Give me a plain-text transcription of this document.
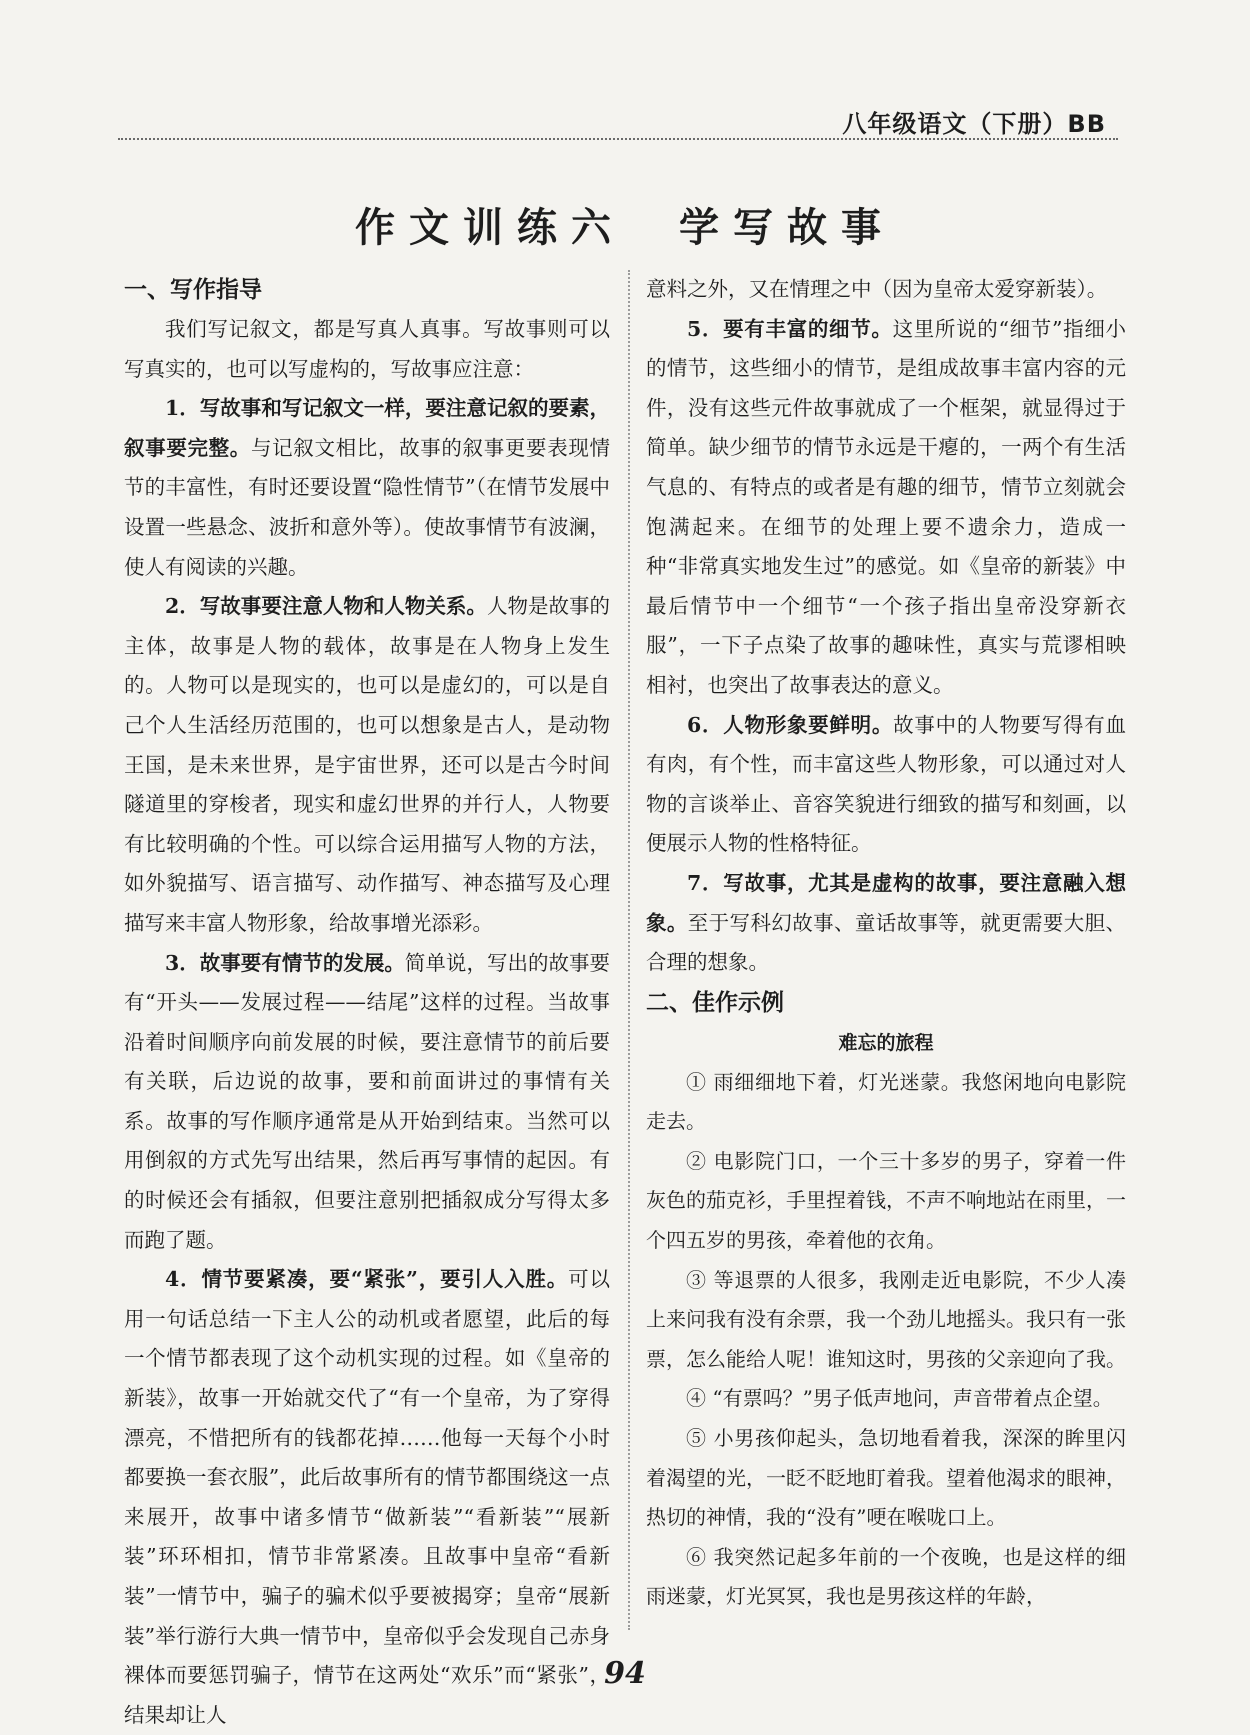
八年级语文（下册）BB
作文训练六　学写故事
一、写作指导

我们写记叙文，都是写真人真事。写故事则可以写真实的，也可以写虚构的，写故事应注意：

1．写故事和写记叙文一样，要注意记叙的要素，叙事要完整。与记叙文相比，故事的叙事更要表现情节的丰富性，有时还要设置“隐性情节”（在情节发展中设置一些悬念、波折和意外等）。使故事情节有波澜，使人有阅读的兴趣。

2．写故事要注意人物和人物关系。人物是故事的主体，故事是人物的载体，故事是在人物身上发生的。人物可以是现实的，也可以是虚幻的，可以是自己个人生活经历范围的，也可以想象是古人，是动物王国，是未来世界，是宇宙世界，还可以是古今时间隧道里的穿梭者，现实和虚幻世界的并行人，人物要有比较明确的个性。可以综合运用描写人物的方法，如外貌描写、语言描写、动作描写、神态描写及心理描写来丰富人物形象，给故事增光添彩。

3．故事要有情节的发展。简单说，写出的故事要有“开头——发展过程——结尾”这样的过程。当故事沿着时间顺序向前发展的时候，要注意情节的前后要有关联，后边说的故事，要和前面讲过的事情有关系。故事的写作顺序通常是从开始到结束。当然可以用倒叙的方式先写出结果，然后再写事情的起因。有的时候还会有插叙，但要注意别把插叙成分写得太多而跑了题。

4．情节要紧凑，要“紧张”，要引人入胜。可以用一句话总结一下主人公的动机或者愿望，此后的每一个情节都表现了这个动机实现的过程。如《皇帝的新装》，故事一开始就交代了“有一个皇帝，为了穿得漂亮，不惜把所有的钱都花掉……他每一天每个小时都要换一套衣服”，此后故事所有的情节都围绕这一点来展开，故事中诸多情节“做新装”“看新装”“展新装”环环相扣，情节非常紧凑。且故事中皇帝“看新装”一情节中，骗子的骗术似乎要被揭穿；皇帝“展新装”举行游行大典一情节中，皇帝似乎会发现自己赤身裸体而要惩罚骗子，情节在这两处“欢乐”而“紧张”，结果却让人

意料之外，又在情理之中（因为皇帝太爱穿新装）。

5．要有丰富的细节。这里所说的“细节”指细小的情节，这些细小的情节，是组成故事丰富内容的元件，没有这些元件故事就成了一个框架，就显得过于简单。缺少细节的情节永远是干瘪的，一两个有生活气息的、有特点的或者是有趣的细节，情节立刻就会饱满起来。在细节的处理上要不遗余力，造成一种“非常真实地发生过”的感觉。如《皇帝的新装》中最后情节中一个细节“一个孩子指出皇帝没穿新衣服”，一下子点染了故事的趣味性，真实与荒谬相映相衬，也突出了故事表达的意义。

6．人物形象要鲜明。故事中的人物要写得有血有肉，有个性，而丰富这些人物形象，可以通过对人物的言谈举止、音容笑貌进行细致的描写和刻画，以便展示人物的性格特征。

7．写故事，尤其是虚构的故事，要注意融入想象。至于写科幻故事、童话故事等，就更需要大胆、合理的想象。

二、佳作示例
难忘的旅程

① 雨细细地下着，灯光迷蒙。我悠闲地向电影院走去。

② 电影院门口，一个三十多岁的男子，穿着一件灰色的茄克衫，手里捏着钱，不声不响地站在雨里，一个四五岁的男孩，牵着他的衣角。

③ 等退票的人很多，我刚走近电影院，不少人凑上来问我有没有余票，我一个劲儿地摇头。我只有一张票，怎么能给人呢！谁知这时，男孩的父亲迎向了我。

④ “有票吗？”男子低声地问，声音带着点企望。

⑤ 小男孩仰起头，急切地看着我，深深的眸里闪着渴望的光，一眨不眨地盯着我。望着他渴求的眼神，热切的神情，我的“没有”哽在喉咙口上。

⑥ 我突然记起多年前的一个夜晚，也是这样的细雨迷蒙，灯光冥冥，我也是男孩这样的年龄，

94
